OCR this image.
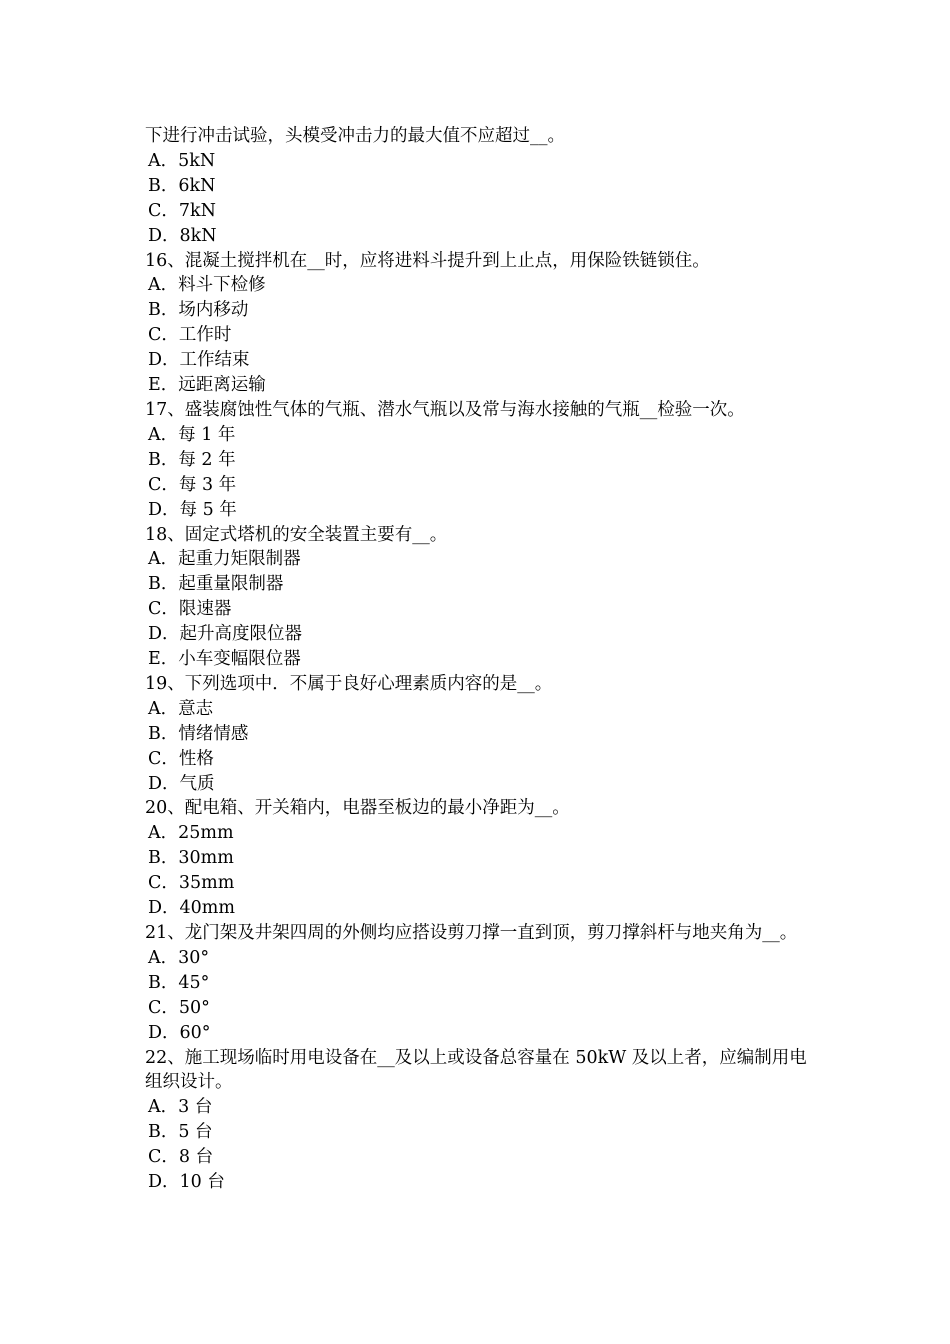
下进行冲击试验，头模受冲击力的最大值不应超过__。
A．5kN
B．6kN
C．7kN
D．8kN
16、混凝土搅拌机在__时，应将进料斗提升到上止点，用保险铁链锁住。
A．料斗下检修
B．场内移动
C．工作时
D．工作结束
E．远距离运输
17、盛装腐蚀性气体的气瓶、潜水气瓶以及常与海水接触的气瓶__检验一次。
A．每 1 年
B．每 2 年
C．每 3 年
D．每 5 年
18、固定式塔机的安全装置主要有__。
A．起重力矩限制器
B．起重量限制器
C．限速器
D．起升高度限位器
E．小车变幅限位器
19、下列选项中．不属于良好心理素质内容的是__。
A．意志
B．情绪情感
C．性格
D．气质
20、配电箱、开关箱内，电器至板边的最小净距为__。
A．25mm
B．30mm
C．35mm
D．40mm
21、龙门架及井架四周的外侧均应搭设剪刀撑一直到顶，剪刀撑斜杆与地夹角为__。
A．30°
B．45°
C．50°
D．60°
22、施工现场临时用电设备在__及以上或设备总容量在 50kW 及以上者，应编制用电组织设计。
A．3 台
B．5 台
C．8 台
D．10 台
